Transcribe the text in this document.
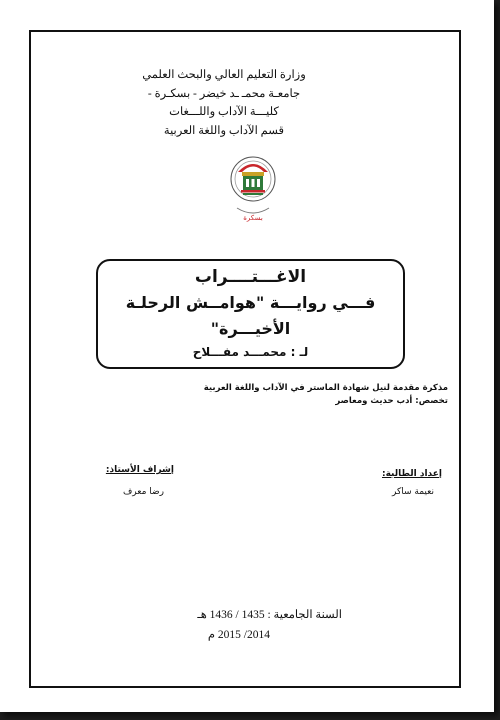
وزارة التعليم العالي والبحث العلمي
جامعـة محمـ ـد خيضر - بسكـرة -
كليـــة الآداب واللـــغات
قسم الآداب واللغة العربية
بسكرة
الاغـــتــــراب
فـــي روايـــة "هوامــش الرحلـة
الأخيـــرة"
لـ : محمـــد مفـــلاح
مذكرة مقدمة لنيل شهادة الماستر في الآداب واللغة العربية
تخصص: أدب حديث ومعاصر
إعداد الطالبة:
نعيمة ساكر
إشراف الأستاذ:
رضا معرف
السنة الجامعية : 1435 / 1436 هـ
2014/ 2015 م
